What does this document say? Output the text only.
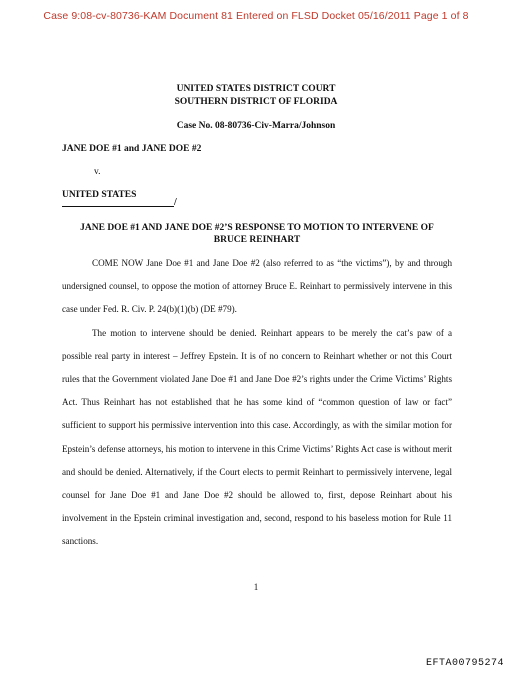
Case 9:08-cv-80736-KAM Document 81 Entered on FLSD Docket 05/16/2011 Page 1 of 8
UNITED STATES DISTRICT COURT
SOUTHERN DISTRICT OF FLORIDA
Case No. 08-80736-Civ-Marra/Johnson
JANE DOE #1 and JANE DOE #2
v.
UNITED STATES
/
JANE DOE #1 AND JANE DOE #2’S RESPONSE TO MOTION TO INTERVENE OF
BRUCE REINHART

COME NOW Jane Doe #1 and Jane Doe #2 (also referred to as “the victims”), by and through undersigned counsel, to oppose the motion of attorney Bruce E. Reinhart to permissively intervene in this case under Fed. R. Civ. P. 24(b)(1)(b) (DE #79).

The motion to intervene should be denied. Reinhart appears to be merely the cat’s paw of a possible real party in interest – Jeffrey Epstein. It is of no concern to Reinhart whether or not this Court rules that the Government violated Jane Doe #1 and Jane Doe #2’s rights under the Crime Victims’ Rights Act. Thus Reinhart has not established that he has some kind of “common question of law or fact” sufficient to support his permissive intervention into this case. Accordingly, as with the similar motion for Epstein’s defense attorneys, his motion to intervene in this Crime Victims’ Rights Act case is without merit and should be denied. Alternatively, if the Court elects to permit Reinhart to permissively intervene, legal counsel for Jane Doe #1 and Jane Doe #2 should be allowed to, first, depose Reinhart about his involvement in the Epstein criminal investigation and, second, respond to his baseless motion for Rule 11 sanctions.

1
EFTA00795274
